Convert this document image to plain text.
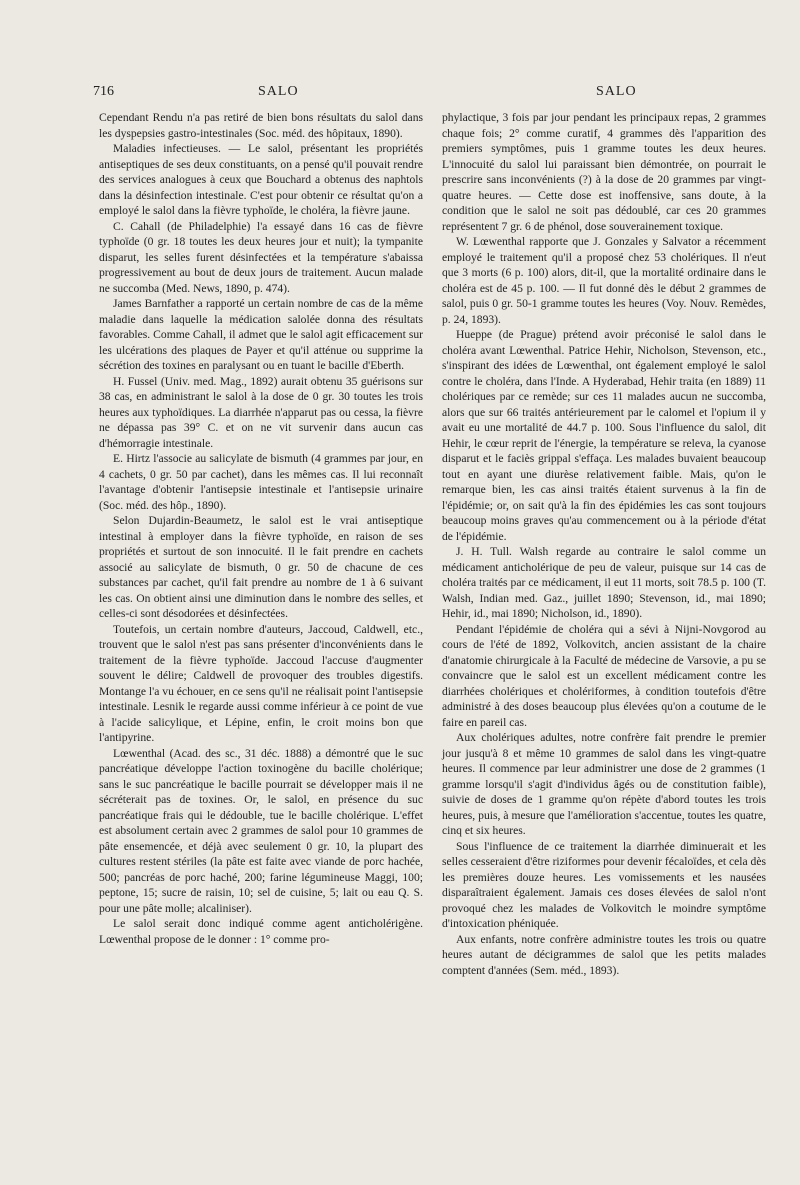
716	SALO	SALO

Cependant Rendu n'a pas retiré de bien bons résultats du salol dans les dyspepsies gastro-intestinales (Soc. méd. des hôpitaux, 1890).

Maladies infectieuses. — Le salol, présentant les propriétés antiseptiques de ses deux constituants, on a pensé qu'il pouvait rendre des services analogues à ceux que Bouchard a obtenus des naphtols dans la désinfection intestinale. C'est pour obtenir ce résultat qu'on a employé le salol dans la fièvre typhoïde, le choléra, la fièvre jaune.

C. Cahall (de Philadelphie) l'a essayé dans 16 cas de fièvre typhoïde (0 gr. 18 toutes les deux heures jour et nuit); la tympanite disparut, les selles furent désinfectées et la température s'abaissa progressivement au bout de deux jours de traitement. Aucun malade ne succomba (Med. News, 1890, p. 474).

James Barnfather a rapporté un certain nombre de cas de la même maladie dans laquelle la médication salolée donna des résultats favorables. Comme Cahall, il admet que le salol agit efficacement sur les ulcérations des plaques de Payer et qu'il atténue ou supprime la sécrétion des toxines en paralysant ou en tuant le bacille d'Eberth.

H. Fussel (Univ. med. Mag., 1892) aurait obtenu 35 guérisons sur 38 cas, en administrant le salol à la dose de 0 gr. 30 toutes les trois heures aux typhoïdiques. La diarrhée n'apparut pas ou cessa, la fièvre ne dépassa pas 39° C. et on ne vit survenir dans aucun cas d'hémorragie intestinale.

E. Hirtz l'associe au salicylate de bismuth (4 grammes par jour, en 4 cachets, 0 gr. 50 par cachet), dans les mêmes cas. Il lui reconnaît l'avantage d'obtenir l'antisepsie intestinale et l'antisepsie urinaire (Soc. méd. des hôp., 1890).

Selon Dujardin-Beaumetz, le salol est le vrai antiseptique intestinal à employer dans la fièvre typhoïde, en raison de ses propriétés et surtout de son innocuité. Il le fait prendre en cachets associé au salicylate de bismuth, 0 gr. 50 de chacune de ces substances par cachet, qu'il fait prendre au nombre de 1 à 6 suivant les cas. On obtient ainsi une diminution dans le nombre des selles, et celles-ci sont désodorées et désinfectées.

Toutefois, un certain nombre d'auteurs, Jaccoud, Caldwell, etc., trouvent que le salol n'est pas sans présenter d'inconvénients dans le traitement de la fièvre typhoïde. Jaccoud l'accuse d'augmenter souvent le délire; Caldwell de provoquer des troubles digestifs. Montange l'a vu échouer, en ce sens qu'il ne réalisait point l'antisepsie intestinale. Lesnik le regarde aussi comme inférieur à ce point de vue à l'acide salicylique, et Lépine, enfin, le croit moins bon que l'antipyrine.

Lœwenthal (Acad. des sc., 31 déc. 1888) a démontré que le suc pancréatique développe l'action toxinogène du bacille cholérique; sans le suc pancréatique le bacille pourrait se développer mais il ne sécréterait pas de toxines. Or, le salol, en présence du suc pancréatique frais qui le dédouble, tue le bacille cholérique. L'effet est absolument certain avec 2 grammes de salol pour 10 grammes de pâte ensemencée, et déjà avec seulement 0 gr. 10, la plupart des cultures restent stériles (la pâte est faite avec viande de porc hachée, 500; pancréas de porc haché, 200; farine légumineuse Maggi, 100; peptone, 15; sucre de raisin, 10; sel de cuisine, 5; lait ou eau Q. S. pour une pâte molle; alcaliniser).

Le salol serait donc indiqué comme agent anticholérigène. Lœwenthal propose de le donner : 1° comme pro-

phylactique, 3 fois par jour pendant les principaux repas, 2 grammes chaque fois; 2° comme curatif, 4 grammes dès l'apparition des premiers symptômes, puis 1 gramme toutes les deux heures. L'innocuité du salol lui paraissant bien démontrée, on pourrait le prescrire sans inconvénients (?) à la dose de 20 grammes par vingt-quatre heures. — Cette dose est inoffensive, sans doute, à la condition que le salol ne soit pas dédoublé, car ces 20 grammes représentent 7 gr. 6 de phénol, dose souverainement toxique.

W. Lœwenthal rapporte que J. Gonzales y Salvator a récemment employé le traitement qu'il a proposé chez 53 cholériques. Il n'eut que 3 morts (6 p. 100) alors, dit-il, que la mortalité ordinaire dans le choléra est de 45 p. 100. — Il fut donné dès le début 2 grammes de salol, puis 0 gr. 50-1 gramme toutes les heures (Voy. Nouv. Remèdes, p. 24, 1893).

Hueppe (de Prague) prétend avoir préconisé le salol dans le choléra avant Lœwenthal. Patrice Hehir, Nicholson, Stevenson, etc., s'inspirant des idées de Lœwenthal, ont également employé le salol contre le choléra, dans l'Inde. A Hyderabad, Hehir traita (en 1889) 11 cholériques par ce remède; sur ces 11 malades aucun ne succomba, alors que sur 66 traités antérieurement par le calomel et l'opium il y avait eu une mortalité de 44.7 p. 100. Sous l'influence du salol, dit Hehir, le cœur reprit de l'énergie, la température se releva, la cyanose disparut et le faciès grippal s'effaça. Les malades buvaient beaucoup tout en ayant une diurèse relativement faible. Mais, qu'on le remarque bien, les cas ainsi traités étaient survenus à la fin de l'épidémie; or, on sait qu'à la fin des épidémies les cas sont toujours beaucoup moins graves qu'au commencement ou à la période d'état de l'épidémie.

J. H. Tull. Walsh regarde au contraire le salol comme un médicament anticholérique de peu de valeur, puisque sur 14 cas de choléra traités par ce médicament, il eut 11 morts, soit 78.5 p. 100 (T. Walsh, Indian med. Gaz., juillet 1890; Stevenson, id., mai 1890; Hehir, id., mai 1890; Nicholson, id., 1890).

Pendant l'épidémie de choléra qui a sévi à Nijni-Novgorod au cours de l'été de 1892, Volkovitch, ancien assistant de la chaire d'anatomie chirurgicale à la Faculté de médecine de Varsovie, a pu se convaincre que le salol est un excellent médicament contre les diarrhées cholériques et cholériformes, à condition toutefois d'être administré à des doses beaucoup plus élevées qu'on a coutume de le faire en pareil cas.

Aux cholériques adultes, notre confrère fait prendre le premier jour jusqu'à 8 et même 10 grammes de salol dans les vingt-quatre heures. Il commence par leur administrer une dose de 2 grammes (1 gramme lorsqu'il s'agit d'individus âgés ou de constitution faible), suivie de doses de 1 gramme qu'on répète d'abord toutes les trois heures, puis, à mesure que l'amélioration s'accentue, toutes les quatre, cinq et six heures.

Sous l'influence de ce traitement la diarrhée diminuerait et les selles cesseraient d'être riziformes pour devenir fécaloïdes, et cela dès les premières douze heures. Les vomissements et les nausées disparaîtraient également. Jamais ces doses élevées de salol n'ont provoqué chez les malades de Volkovitch le moindre symptôme d'intoxication phéniquée.

Aux enfants, notre confrère administre toutes les trois ou quatre heures autant de décigrammes de salol que les petits malades comptent d'années (Sem. méd., 1893).
